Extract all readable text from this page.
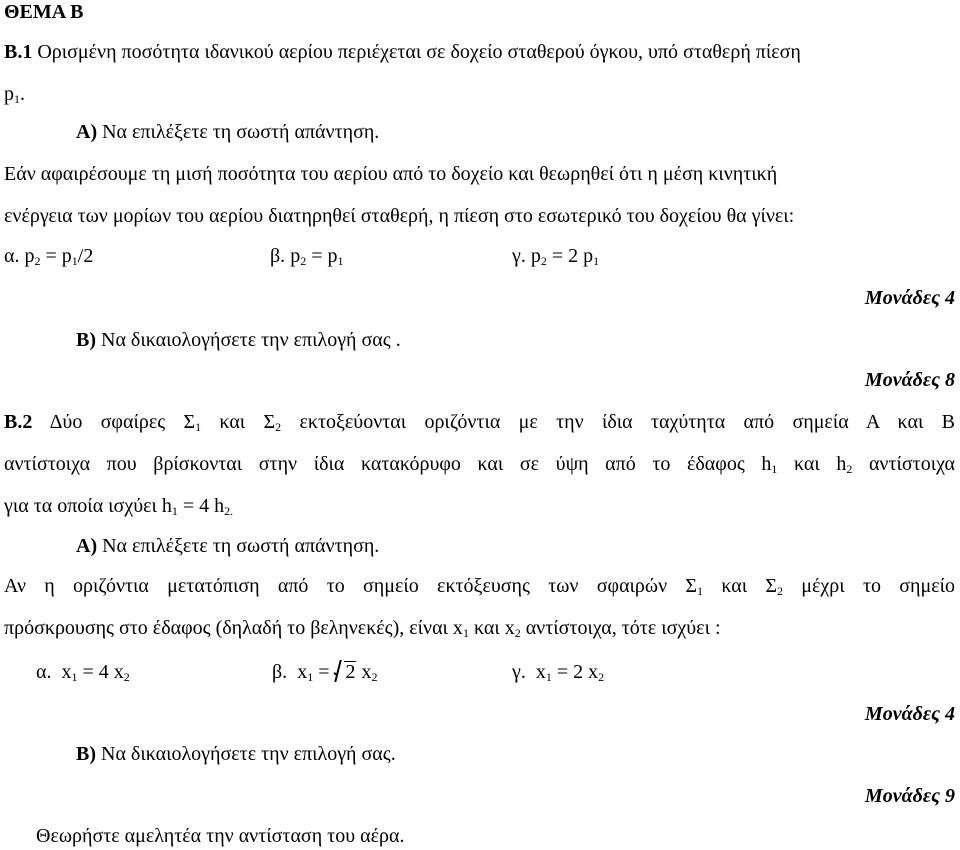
ΘΕΜΑ Β
Β.1 Ορισμένη ποσότητα ιδανικού αερίου περιέχεται σε δοχείο σταθερού όγκου, υπό σταθερή πίεση
$p_1$.
Α) Να επιλέξετε τη σωστή απάντηση.
Εάν αφαιρέσουμε τη μισή ποσότητα του αερίου από το δοχείο και θεωρηθεί ότι η μέση κινητική
ενέργεια των μορίων του αερίου διατηρηθεί σταθερή, η πίεση στο εσωτερικό του δοχείου θα γίνει:
α. $p_2 = p_1/2$	β. $p_2 = p_1$	γ. $p_2 = 2$ $p_1$
Μονάδες 4
Β) Να δικαιολογήσετε την επιλογή σας .
Μονάδες 8
Β.2 Δύο σφαίρες $\Sigma_1$ και $\Sigma_2$ εκτοξεύονται οριζόντια με την ίδια ταχύτητα από σημεία Α και Β
αντίστοιχα που βρίσκονται στην ίδια κατακόρυφο και σε ύψη από το έδαφος $h_1$ και $h_2$ αντίστοιχα
για τα οποία ισχύει $h_1 = 4$ $h_{2.}$
Α) Να επιλέξετε τη σωστή απάντηση.
Αν η οριζόντια μετατόπιση από το σημείο εκτόξευσης των σφαιρών $\Sigma_1$ και $\Sigma_2$ μέχρι το σημείο
πρόσκρουσης στο έδαφος (δηλαδή το βεληνεκές), είναι $x_1$ και $x_2$ αντίστοιχα, τότε ισχύει :
α. $x_1 = 4$ $x_2$	β. $x_1$ =
2 $x_2$	γ. $x_1 = 2$ $x_2$
Μονάδες 4
Β) Να δικαιολογήσετε την επιλογή σας.
Μονάδες 9
Θεωρήστε αμελητέα την αντίσταση του αέρα.
